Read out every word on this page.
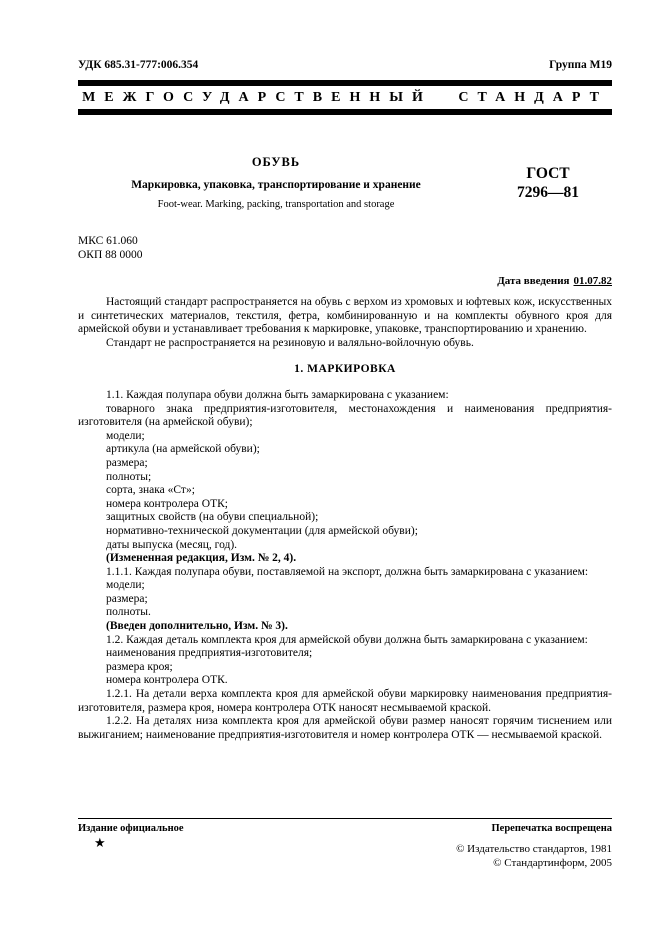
УДК 685.31-777:006.354	Группа М19
МЕЖГОСУДАРСТВЕННЫЙ СТАНДАРТ
ОБУВЬ
Маркировка, упаковка, транспортирование и хранение
Foot-wear. Marking, packing, transportation and storage
ГОСТ
7296—81
МКС 61.060
ОКП 88 0000
Дата введения 01.07.82

Настоящий стандарт распространяется на обувь с верхом из хромовых и юфтевых кож, искусственных и синтетических материалов, текстиля, фетра, комбинированную и на комплекты обувного кроя для армейской обуви и устанавливает требования к маркировке, упаковке, транспортированию и хранению.

Стандарт не распространяется на резиновую и валяльно-войлочную обувь.

1. МАРКИРОВКА

1.1. Каждая полупара обуви должна быть замаркирована с указанием:

товарного знака предприятия-изготовителя, местонахождения и наименования предприятия-изготовителя (на армейской обуви);

модели;

артикула (на армейской обуви);

размера;

полноты;

сорта, знака «Ст»;

номера контролера ОТК;

защитных свойств (на обуви специальной);

нормативно-технической документации (для армейской обуви);

даты выпуска (месяц, год).

(Измененная редакция, Изм. № 2, 4).

1.1.1. Каждая полупара обуви, поставляемой на экспорт, должна быть замаркирована с указанием:

модели;

размера;

полноты.

(Введен дополнительно, Изм. № 3).

1.2. Каждая деталь комплекта кроя для армейской обуви должна быть замаркирована с указанием:

наименования предприятия-изготовителя;

размера кроя;

номера контролера ОТК.

1.2.1. На детали верха комплекта кроя для армейской обуви маркировку наименования предприятия-изготовителя, размера кроя, номера контролера ОТК наносят несмываемой краской.

1.2.2. На деталях низа комплекта кроя для армейской обуви размер наносят горячим тиснением или выжиганием; наименование предприятия-изготовителя и номер контролера ОТК — несмываемой краской.

Издание официальное	Перепечатка воспрещена
★	© Издательство стандартов, 1981
© Стандартинформ, 2005
